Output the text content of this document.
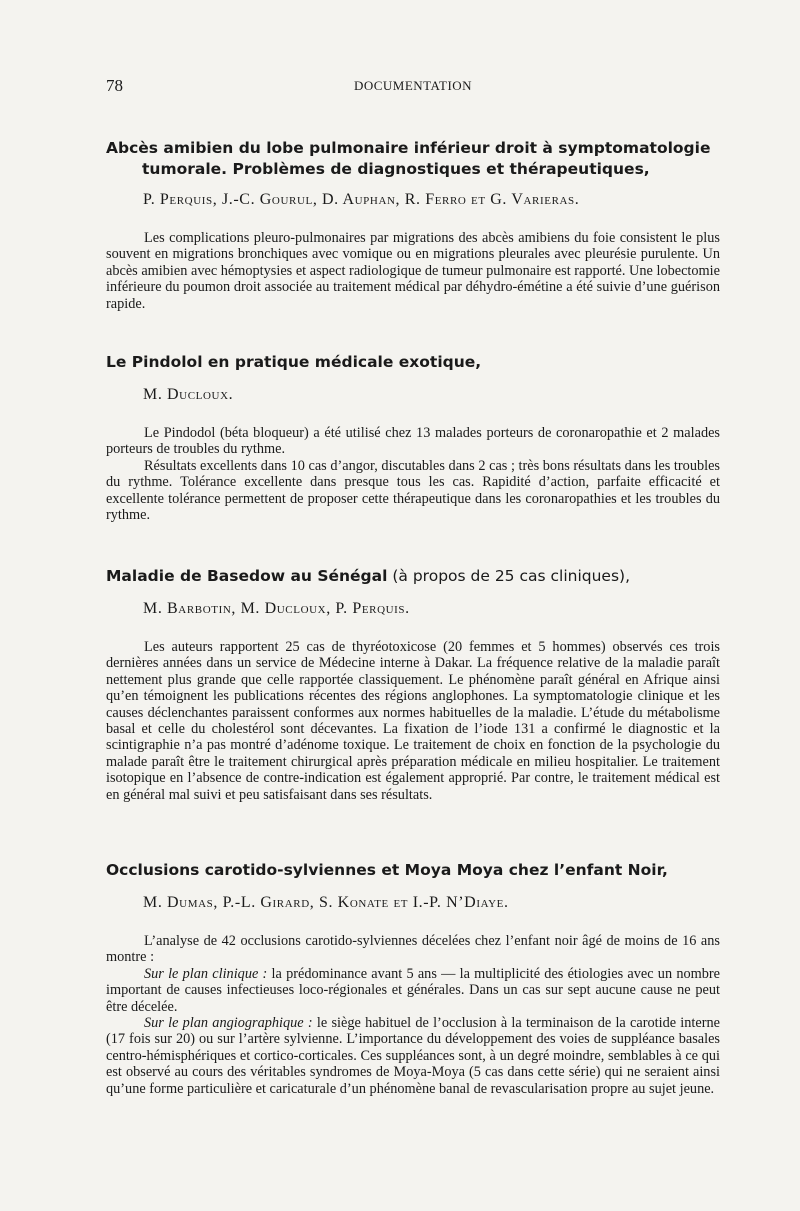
78	DOCUMENTATION
Abcès amibien du lobe pulmonaire inférieur droit à symptomatologie
tumorale. Problèmes de diagnostiques et thérapeutiques,
P. Perquis, J.-C. Gourul, D. Auphan, R. Ferro et G. Varieras.

Les complications pleuro-pulmonaires par migrations des abcès amibiens du foie consistent le plus souvent en migrations bronchiques avec vomique ou en migrations pleurales avec pleurésie purulente. Un abcès amibien avec hémoptysies et aspect radiologique de tumeur pulmonaire est rapporté. Une lobectomie inférieure du poumon droit associée au traitement médical par déhydro-émétine a été suivie d’une guérison rapide.

Le Pindolol en pratique médicale exotique,
M. Ducloux.

Le Pindodol (béta bloqueur) a été utilisé chez 13 malades porteurs de coronaropathie et 2 malades porteurs de troubles du rythme.

Résultats excellents dans 10 cas d’angor, discutables dans 2 cas ; très bons résultats dans les troubles du rythme. Tolérance excellente dans presque tous les cas. Rapidité d’action, parfaite efficacité et excellente tolérance permettent de proposer cette thérapeutique dans les coronaropathies et les troubles du rythme.

Maladie de Basedow au Sénégal (à propos de 25 cas cliniques),
M. Barbotin, M. Ducloux, P. Perquis.

Les auteurs rapportent 25 cas de thyréotoxicose (20 femmes et 5 hommes) observés ces trois dernières années dans un service de Médecine interne à Dakar. La fréquence relative de la maladie paraît nettement plus grande que celle rapportée classiquement. Le phénomène paraît général en Afrique ainsi qu’en témoignent les publications récentes des régions anglophones. La symptomatologie clinique et les causes déclenchantes paraissent conformes aux normes habituelles de la maladie. L’étude du métabolisme basal et celle du cholestérol sont décevantes. La fixation de l’iode 131 a confirmé le diagnostic et la scintigraphie n’a pas montré d’adénome toxique. Le traitement de choix en fonction de la psychologie du malade paraît être le traitement chirurgical après préparation médicale en milieu hospitalier. Le traitement isotopique en l’absence de contre-indication est également approprié. Par contre, le traitement médical est en général mal suivi et peu satisfaisant dans ses résultats.

Occlusions carotido-sylviennes et Moya Moya chez l’enfant Noir,
M. Dumas, P.-L. Girard, S. Konate et I.-P. N’Diaye.

L’analyse de 42 occlusions carotido-sylviennes décelées chez l’enfant noir âgé de moins de 16 ans montre :

Sur le plan clinique : la prédominance avant 5 ans — la multiplicité des étiologies avec un nombre important de causes infectieuses loco-régionales et générales. Dans un cas sur sept aucune cause ne peut être décelée.

Sur le plan angiographique : le siège habituel de l’occlusion à la terminaison de la carotide interne (17 fois sur 20) ou sur l’artère sylvienne. L’importance du développement des voies de suppléance basales centro-hémisphériques et cortico-corticales. Ces suppléances sont, à un degré moindre, semblables à ce qui est observé au cours des véritables syndromes de Moya-Moya (5 cas dans cette série) qui ne seraient ainsi qu’une forme particulière et caricaturale d’un phénomène banal de revascularisation propre au sujet jeune.
